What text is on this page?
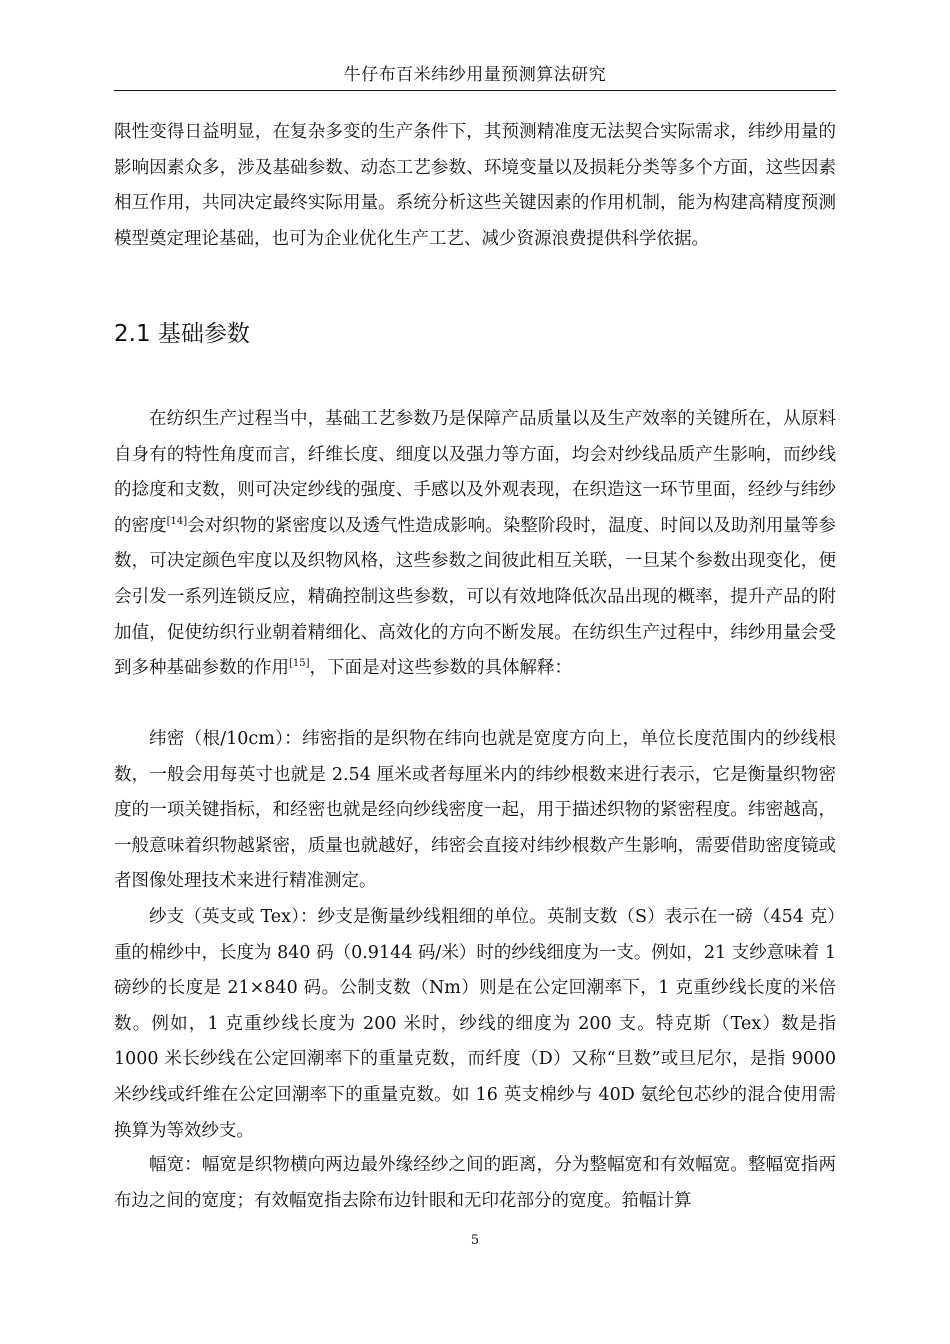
牛仔布百米纬纱用量预测算法研究

限性变得日益明显，在复杂多变的生产条件下，其预测精准度无法契合实际需求，纬纱用量的影响因素众多，涉及基础参数、动态工艺参数、环境变量以及损耗分类等多个方面，这些因素相互作用，共同决定最终实际用量。系统分析这些关键因素的作用机制，能为构建高精度预测模型奠定理论基础，也可为企业优化生产工艺、减少资源浪费提供科学依据。

2.1 基础参数

在纺织生产过程当中，基础工艺参数乃是保障产品质量以及生产效率的关键所在，从原料自身有的特性角度而言，纤维长度、细度以及强力等方面，均会对纱线品质产生影响，而纱线的捻度和支数，则可决定纱线的强度、手感以及外观表现，在织造这一环节里面，经纱与纬纱的密度[14]会对织物的紧密度以及透气性造成影响。染整阶段时，温度、时间以及助剂用量等参数，可决定颜色牢度以及织物风格，这些参数之间彼此相互关联，一旦某个参数出现变化，便会引发一系列连锁反应，精确控制这些参数，可以有效地降低次品出现的概率，提升产品的附加值，促使纺织行业朝着精细化、高效化的方向不断发展。在纺织生产过程中，纬纱用量会受到多种基础参数的作用[15]，下面是对这些参数的具体解释：

纬密（根/10cm）：纬密指的是织物在纬向也就是宽度方向上，单位长度范围内的纱线根数，一般会用每英寸也就是 2.54 厘米或者每厘米内的纬纱根数来进行表示，它是衡量织物密度的一项关键指标，和经密也就是经向纱线密度一起，用于描述织物的紧密程度。纬密越高，一般意味着织物越紧密，质量也就越好，纬密会直接对纬纱根数产生影响，需要借助密度镜或者图像处理技术来进行精准测定。

纱支（英支或 Tex）：纱支是衡量纱线粗细的单位。英制支数（S）表示在一磅（454 克）重的棉纱中，长度为 840 码（0.9144 码/米）时的纱线细度为一支。例如，21 支纱意味着 1 磅纱的长度是 21×840 码。公制支数（Nm）则是在公定回潮率下，1 克重纱线长度的米倍数。例如，1 克重纱线长度为 200 米时，纱线的细度为 200 支。特克斯（Tex）数是指 1000 米长纱线在公定回潮率下的重量克数，而纤度（D）又称“旦数”或旦尼尔，是指 9000 米纱线或纤维在公定回潮率下的重量克数。如 16 英支棉纱与 40D 氨纶包芯纱的混合使用需换算为等效纱支。

幅宽：幅宽是织物横向两边最外缘经纱之间的距离，分为整幅宽和有效幅宽。整幅宽指两布边之间的宽度；有效幅宽指去除布边针眼和无印花部分的宽度。筘幅计算

5
